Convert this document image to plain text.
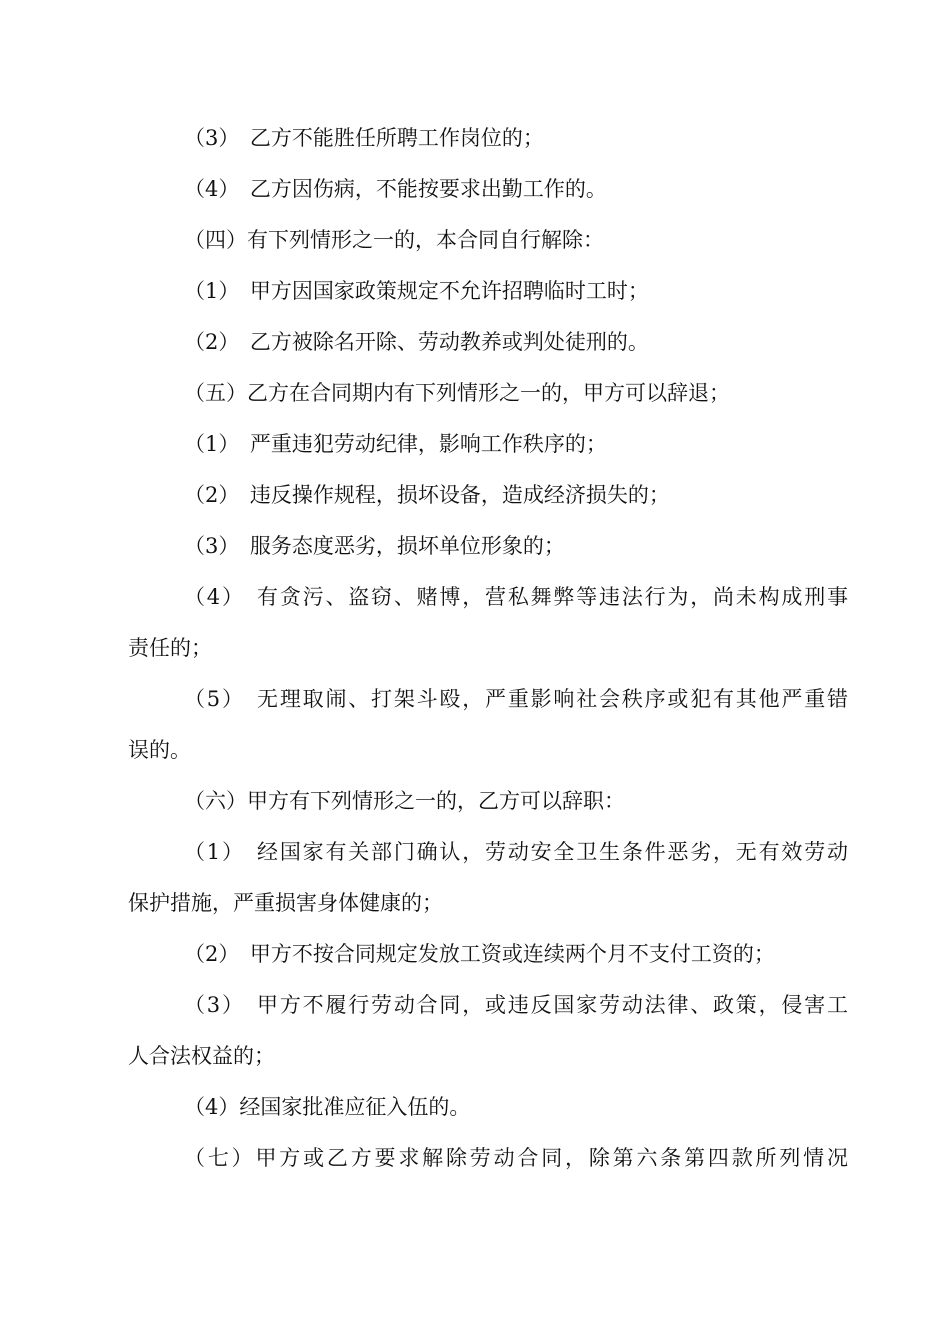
（3）　乙方不能胜任所聘工作岗位的；
（4）　乙方因伤病，不能按要求出勤工作的。
（四）有下列情形之一的，本合同自行解除：
（1）　甲方因国家政策规定不允许招聘临时工时；
（2）　乙方被除名开除、劳动教养或判处徒刑的。
（五）乙方在合同期内有下列情形之一的，甲方可以辞退；
（1）　严重违犯劳动纪律，影响工作秩序的；
（2）　违反操作规程，损坏设备，造成经济损失的；
（3）　服务态度恶劣，损坏单位形象的；
（4）　有贪污、盗窃、赌博，营私舞弊等违法行为，尚未构成刑事
责任的；
（5）　无理取闹、打架斗殴，严重影响社会秩序或犯有其他严重错
误的。
（六）甲方有下列情形之一的，乙方可以辞职：
（1）　经国家有关部门确认，劳动安全卫生条件恶劣，无有效劳动
保护措施，严重损害身体健康的；
（2）　甲方不按合同规定发放工资或连续两个月不支付工资的；
（3）　甲方不履行劳动合同，或违反国家劳动法律、政策，侵害工
人合法权益的；
（4）经国家批准应征入伍的。
（七）甲方或乙方要求解除劳动合同，除第六条第四款所列情况
